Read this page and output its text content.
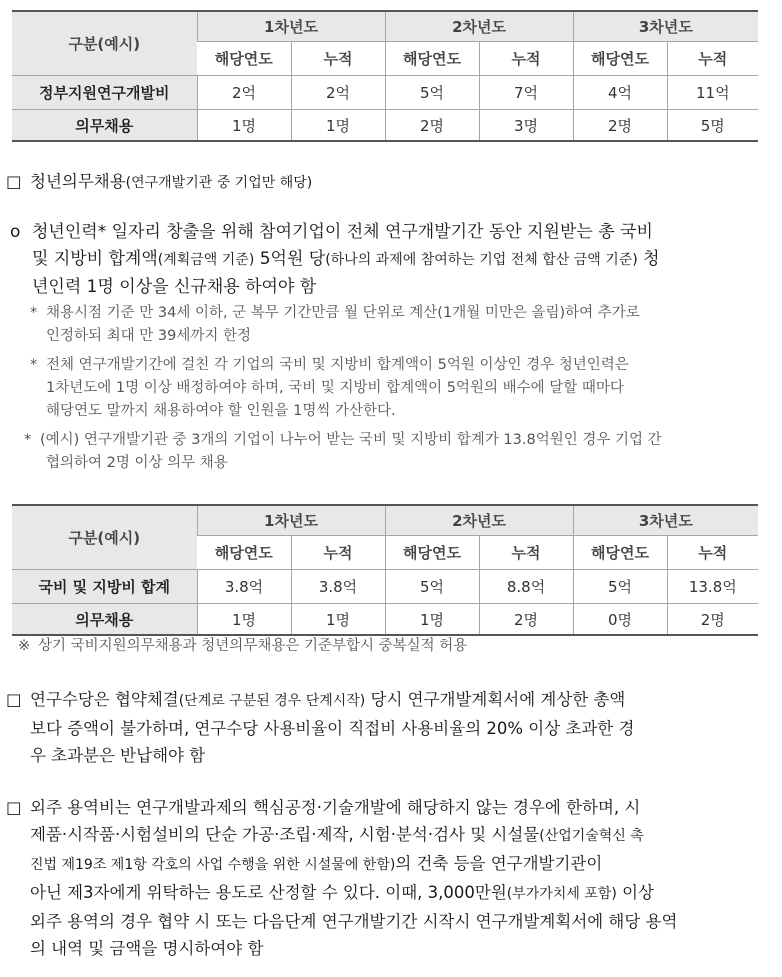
구분(예시)	1차년도		2차년도		3차년도	
	해당연도	누적	해당연도	누적	해당연도	누적
정부지원연구개발비	2억	2억	5억	7억	4억	11억
의무채용	1명	1명	2명	3명	2명	5명
□ 청년의무채용(연구개발기관 중 기업만 해당)
o 청년인력* 일자리 창출을 위해 참여기업이 전체 연구개발기간 동안 지원받는 총 국비
및 지방비 합계액(계획금액 기준) 5억원 당(하나의 과제에 참여하는 기업 전체 합산 금액 기준) 청
년인력 1명 이상을 신규채용 하여야 함
* 채용시점 기준 만 34세 이하, 군 복무 기간만큼 월 단위로 계산(1개월 미만은 올림)하여 추가로
인정하되 최대 만 39세까지 한정
* 전체 연구개발기간에 걸친 각 기업의 국비 및 지방비 합계액이 5억원 이상인 경우 청년인력은
1차년도에 1명 이상 배정하여야 하며, 국비 및 지방비 합계액이 5억원의 배수에 달할 때마다
해당연도 말까지 채용하여야 할 인원을 1명씩 가산한다.
* (예시) 연구개발기관 중 3개의 기업이 나누어 받는 국비 및 지방비 합계가 13.8억원인 경우 기업 간
협의하여 2명 이상 의무 채용
구분(예시)	1차년도		2차년도		3차년도	
	해당연도	누적	해당연도	누적	해당연도	누적
국비 및 지방비 합계	3.8억	3.8억	5억	8.8억	5억	13.8억
의무채용	1명	1명	1명	2명	0명	2명
※ 상기 국비지원의무채용과 청년의무채용은 기준부합시 중복실적 허용
□ 연구수당은 협약체결(단계로 구분된 경우 단계시작) 당시 연구개발계획서에 계상한 총액
보다 증액이 불가하며, 연구수당 사용비율이 직접비 사용비율의 20% 이상 초과한 경
우 초과분은 반납해야 함
□ 외주 용역비는 연구개발과제의 핵심공정·기술개발에 해당하지 않는 경우에 한하며, 시
제품·시작품·시험설비의 단순 가공·조립·제작, 시험·분석·검사 및 시설물(산업기술혁신 촉
진법 제19조 제1항 각호의 사업 수행을 위한 시설물에 한함)의 건축 등을 연구개발기관이
아닌 제3자에게 위탁하는 용도로 산정할 수 있다. 이때, 3,000만원(부가가치세 포함) 이상
외주 용역의 경우 협약 시 또는 다음단계 연구개발기간 시작시 연구개발계획서에 해당 용역
의 내역 및 금액을 명시하여야 함
